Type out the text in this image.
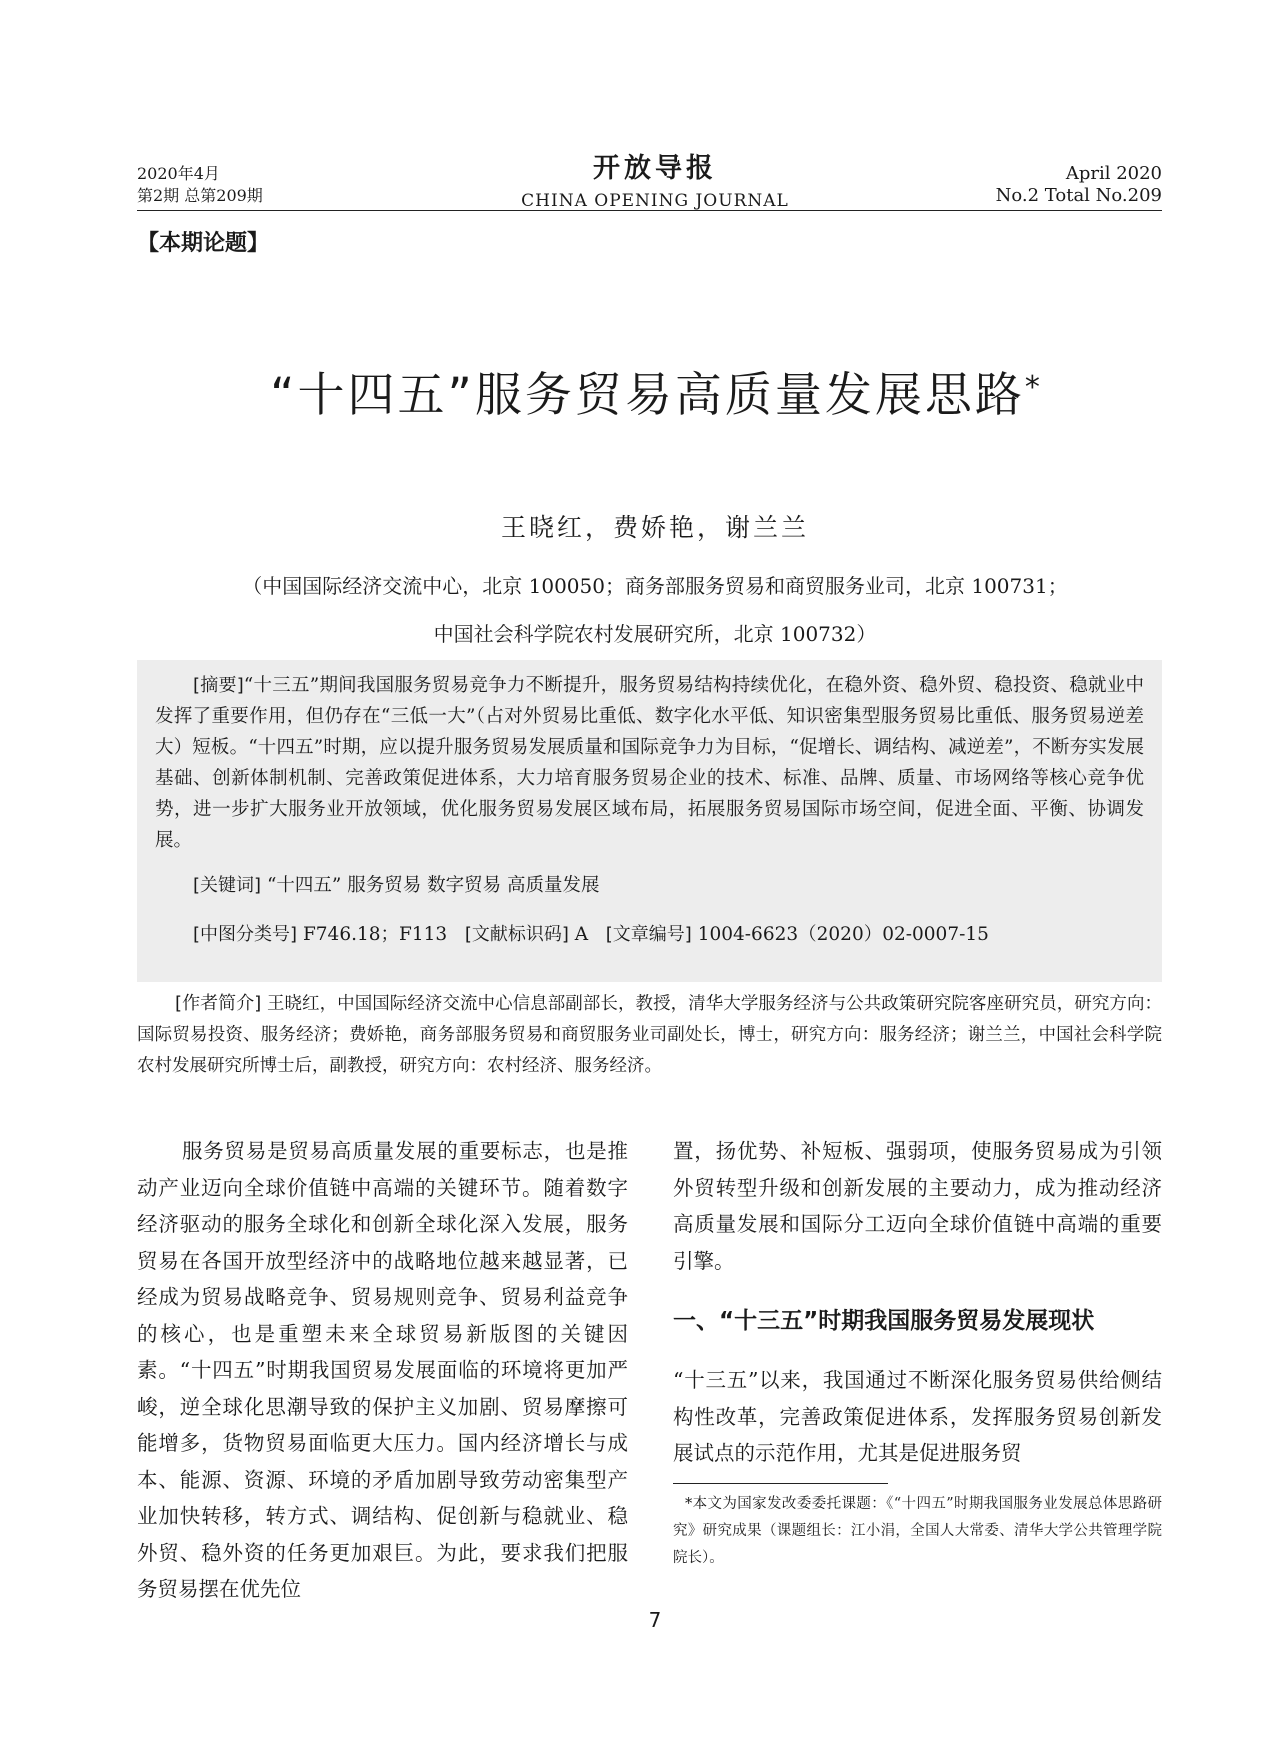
2020年4月
第2期 总第209期
开放导报
CHINA OPENING JOURNAL
April 2020
No.2 Total No.209
【本期论题】
“十四五”服务贸易高质量发展思路*
王晓红，费娇艳，谢兰兰
（中国国际经济交流中心，北京 100050；商务部服务贸易和商贸服务业司，北京 100731；
中国社会科学院农村发展研究所，北京 100732）

[摘要]“十三五”期间我国服务贸易竞争力不断提升，服务贸易结构持续优化，在稳外资、稳外贸、稳投资、稳就业中发挥了重要作用，但仍存在“三低一大”（占对外贸易比重低、数字化水平低、知识密集型服务贸易比重低、服务贸易逆差大）短板。“十四五”时期，应以提升服务贸易发展质量和国际竞争力为目标，“促增长、调结构、减逆差”，不断夯实发展基础、创新体制机制、完善政策促进体系，大力培育服务贸易企业的技术、标准、品牌、质量、市场网络等核心竞争优势，进一步扩大服务业开放领域，优化服务贸易发展区域布局，拓展服务贸易国际市场空间，促进全面、平衡、协调发展。

[关键词] “十四五” 服务贸易 数字贸易 高质量发展

[中图分类号] F746.18；F113 [文献标识码] A [文章编号] 1004-6623（2020）02-0007-15

[作者简介] 王晓红，中国国际经济交流中心信息部副部长，教授，清华大学服务经济与公共政策研究院客座研究员，研究方向：国际贸易投资、服务经济；费娇艳，商务部服务贸易和商贸服务业司副处长，博士，研究方向：服务经济；谢兰兰，中国社会科学院农村发展研究所博士后，副教授，研究方向：农村经济、服务经济。

服务贸易是贸易高质量发展的重要标志，也是推动产业迈向全球价值链中高端的关键环节。随着数字经济驱动的服务全球化和创新全球化深入发展，服务贸易在各国开放型经济中的战略地位越来越显著，已经成为贸易战略竞争、贸易规则竞争、贸易利益竞争的核心，也是重塑未来全球贸易新版图的关键因素。“十四五”时期我国贸易发展面临的环境将更加严峻，逆全球化思潮导致的保护主义加剧、贸易摩擦可能增多，货物贸易面临更大压力。国内经济增长与成本、能源、资源、环境的矛盾加剧导致劳动密集型产业加快转移，转方式、调结构、促创新与稳就业、稳外贸、稳外资的任务更加艰巨。为此，要求我们把服务贸易摆在优先位

置，扬优势、补短板、强弱项，使服务贸易成为引领外贸转型升级和创新发展的主要动力，成为推动经济高质量发展和国际分工迈向全球价值链中高端的重要引擎。

一、“十三五”时期我国服务贸易发展现状

“十三五”以来，我国通过不断深化服务贸易供给侧结构性改革，完善政策促进体系，发挥服务贸易创新发展试点的示范作用，尤其是促进服务贸

*本文为国家发改委委托课题：《“十四五”时期我国服务业发展总体思路研究》研究成果（课题组长：江小涓，全国人大常委、清华大学公共管理学院院长）。
7
